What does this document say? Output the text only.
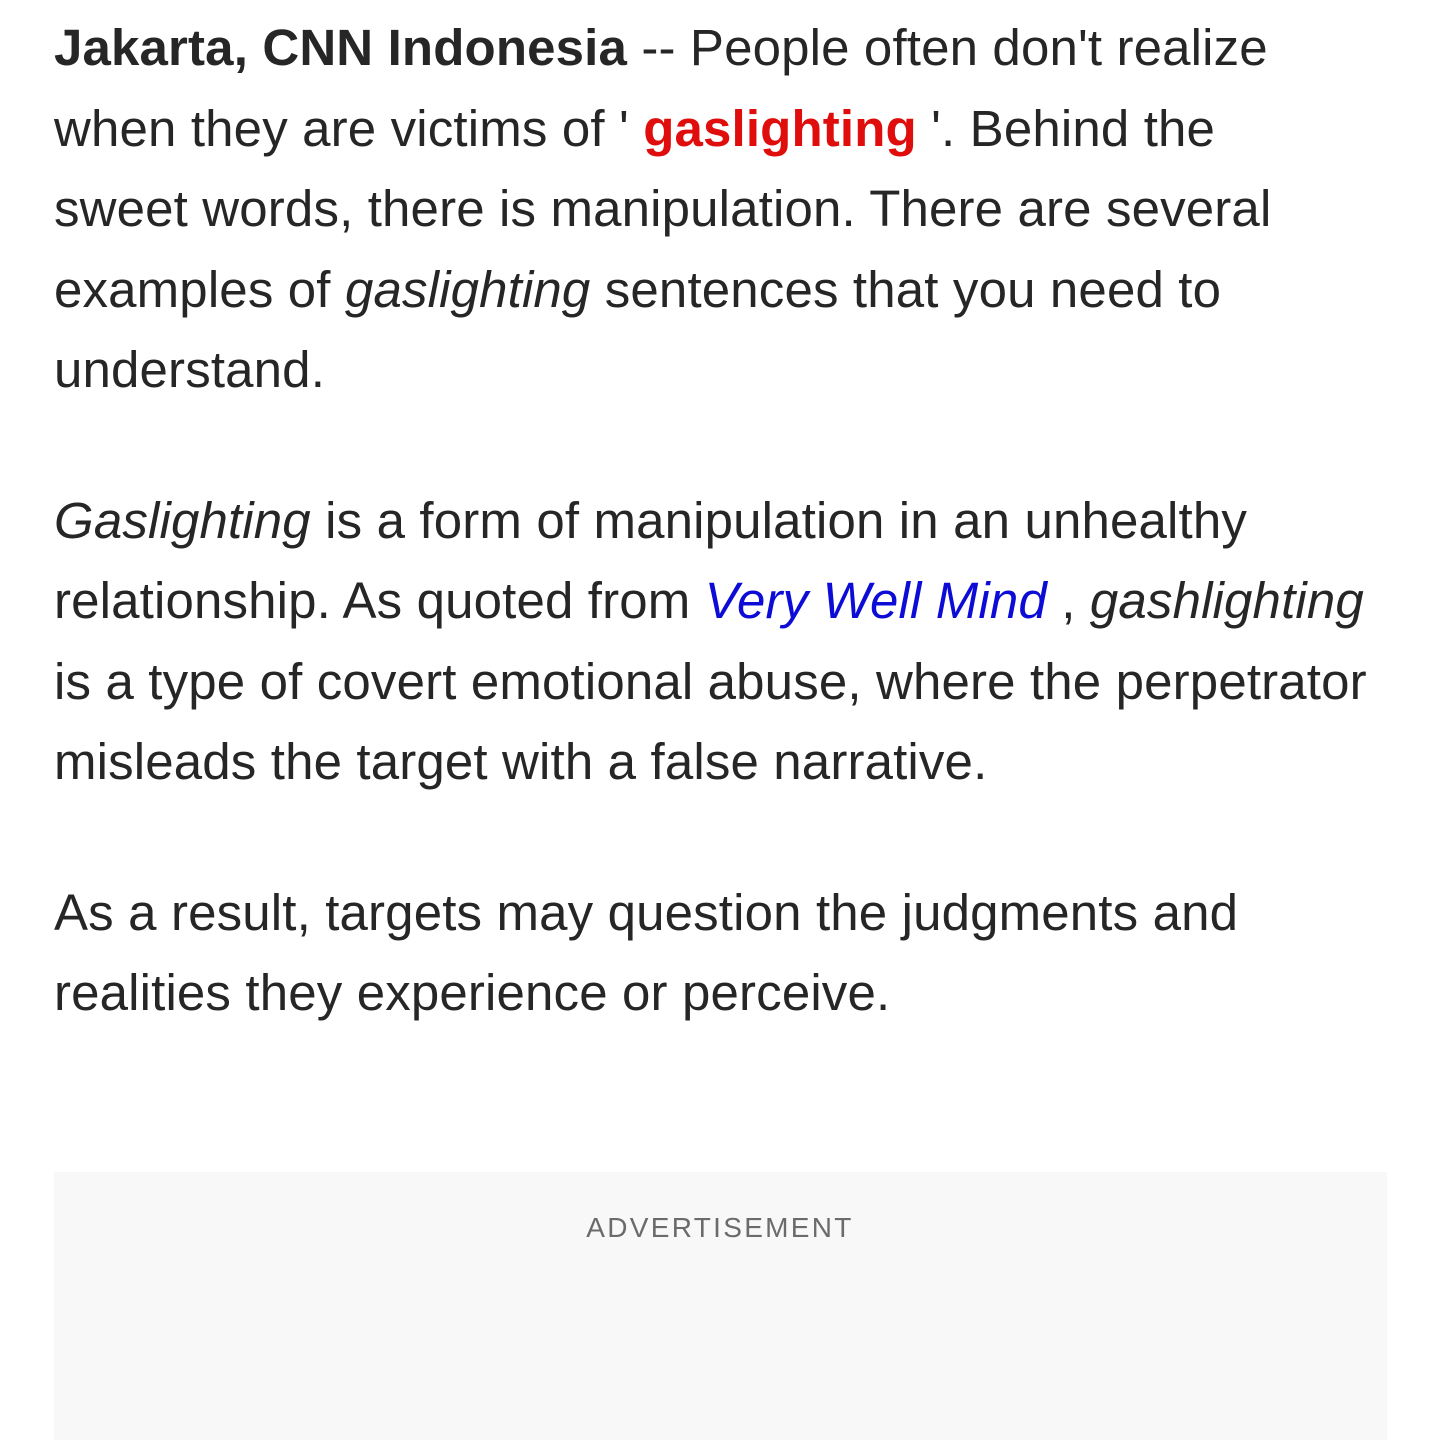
Jakarta, CNN Indonesia -- People often don't realize when they are victims of ' gaslighting '. Behind the sweet words, there is manipulation. There are several examples of gaslighting sentences that you need to understand.

Gaslighting is a form of manipulation in an unhealthy relationship. As quoted from Very Well Mind , gashlighting is a type of covert emotional abuse, where the perpetrator misleads the target with a false narrative.

As a result, targets may question the judgments and realities they experience or perceive.

ADVERTISEMENT
